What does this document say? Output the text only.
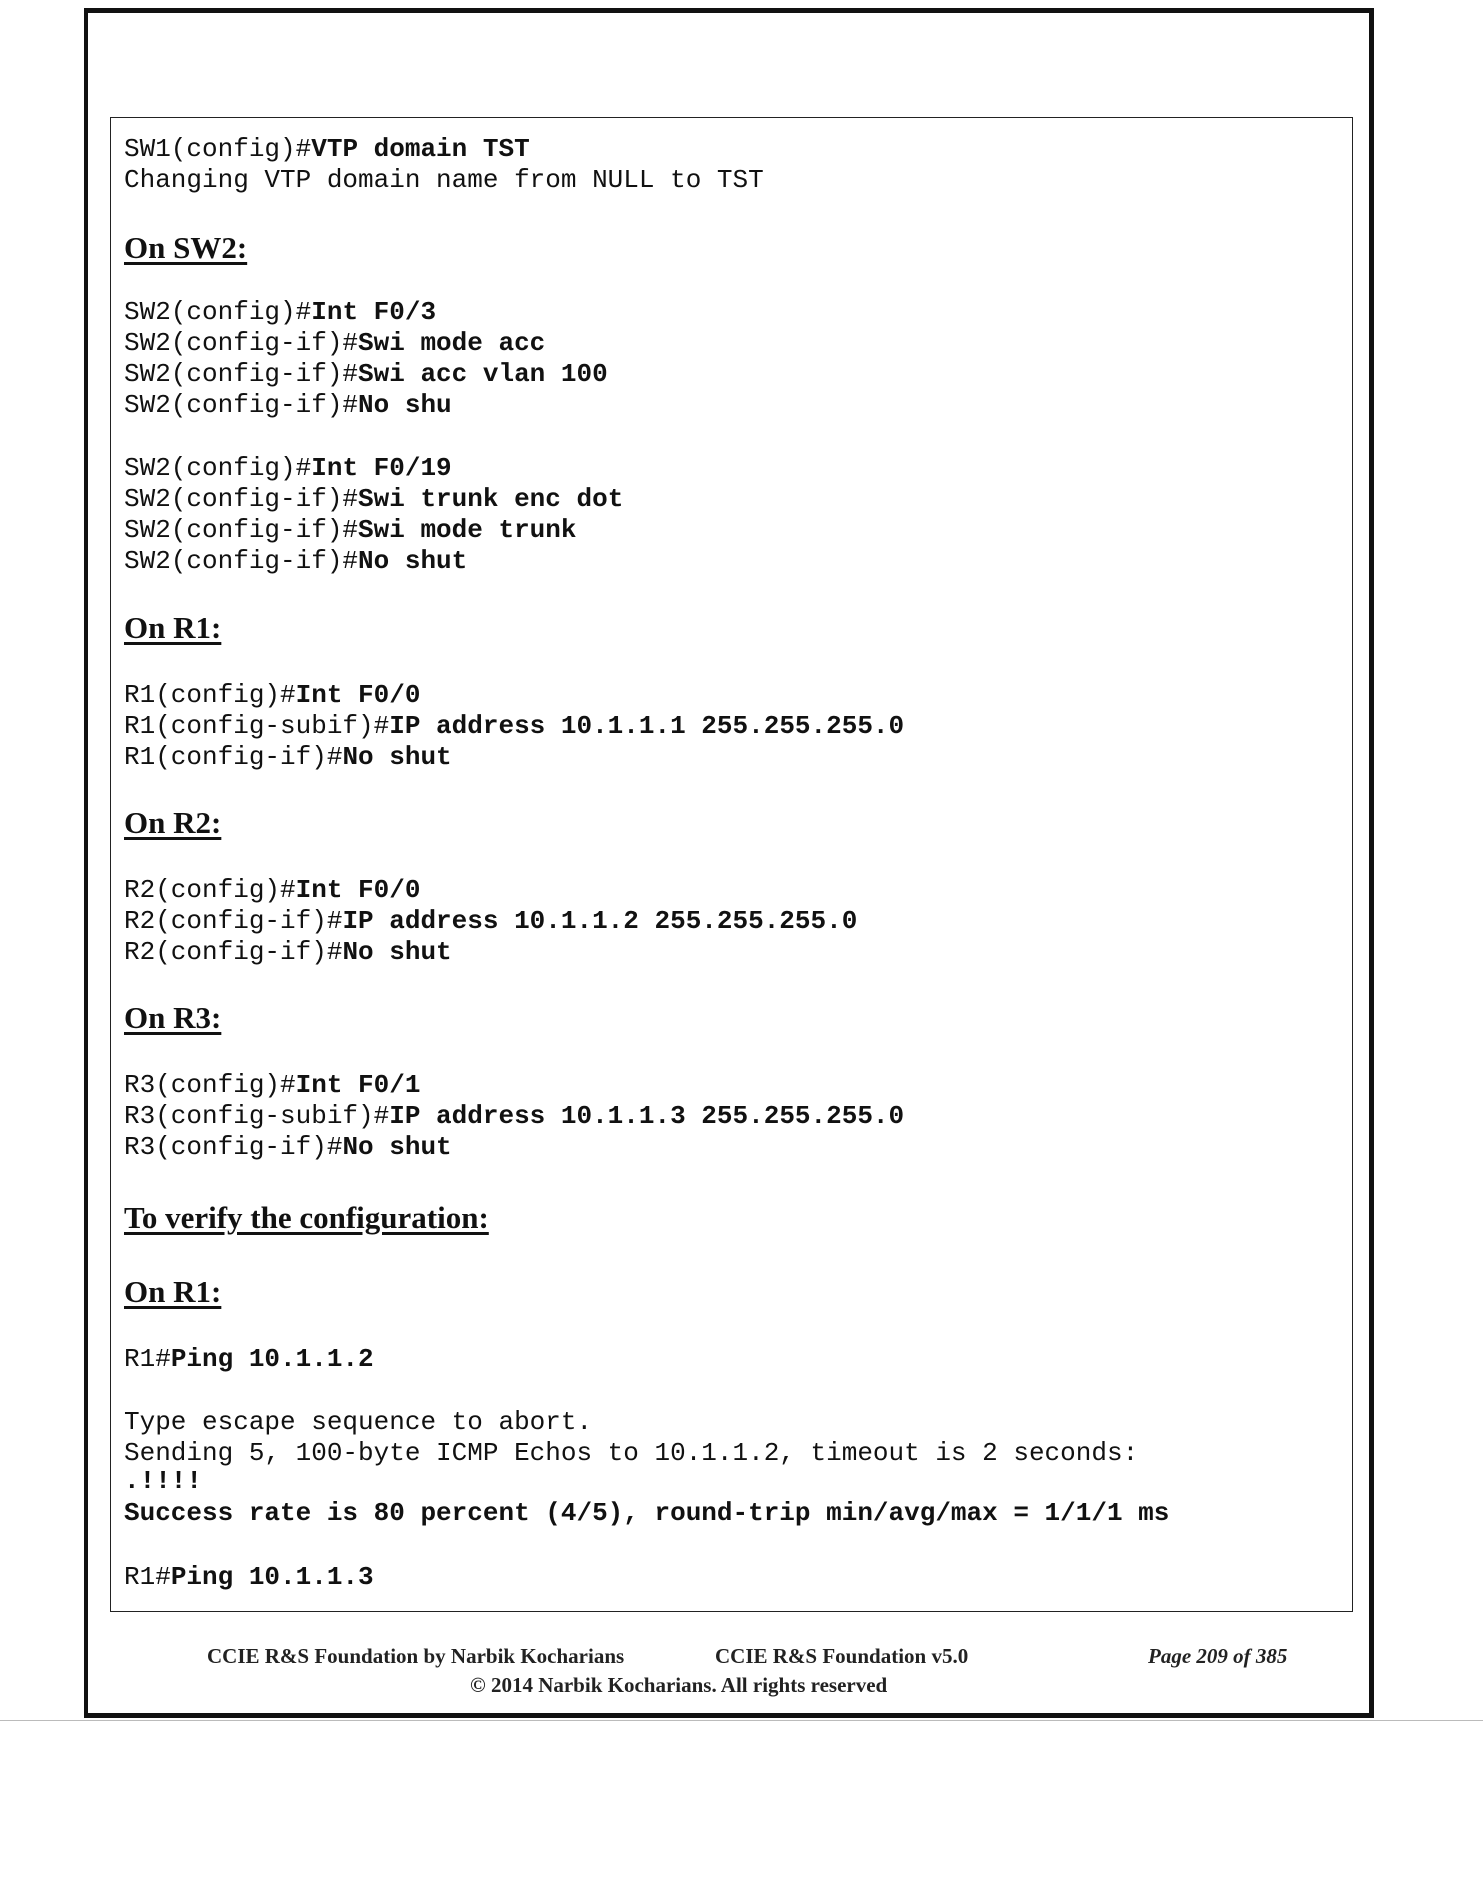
SW1(config)#VTP domain TST
Changing VTP domain name from NULL to TST
On SW2:
SW2(config)#Int F0/3
SW2(config-if)#Swi mode acc
SW2(config-if)#Swi acc vlan 100
SW2(config-if)#No shu
SW2(config)#Int F0/19
SW2(config-if)#Swi trunk enc dot
SW2(config-if)#Swi mode trunk
SW2(config-if)#No shut
On R1:
R1(config)#Int F0/0
R1(config-subif)#IP address 10.1.1.1 255.255.255.0
R1(config-if)#No shut
On R2:
R2(config)#Int F0/0
R2(config-if)#IP address 10.1.1.2 255.255.255.0
R2(config-if)#No shut
On R3:
R3(config)#Int F0/1
R3(config-subif)#IP address 10.1.1.3 255.255.255.0
R3(config-if)#No shut
To verify the configuration:
On R1:
R1#Ping 10.1.1.2
Type escape sequence to abort.
Sending 5, 100-byte ICMP Echos to 10.1.1.2, timeout is 2 seconds:
.!!!!
Success rate is 80 percent (4/5), round-trip min/avg/max = 1/1/1 ms
R1#Ping 10.1.1.3
CCIE R&S Foundation by Narbik Kocharians	CCIE R&S Foundation v5.0	Page 209 of 385
© 2014 Narbik Kocharians. All rights reserved
